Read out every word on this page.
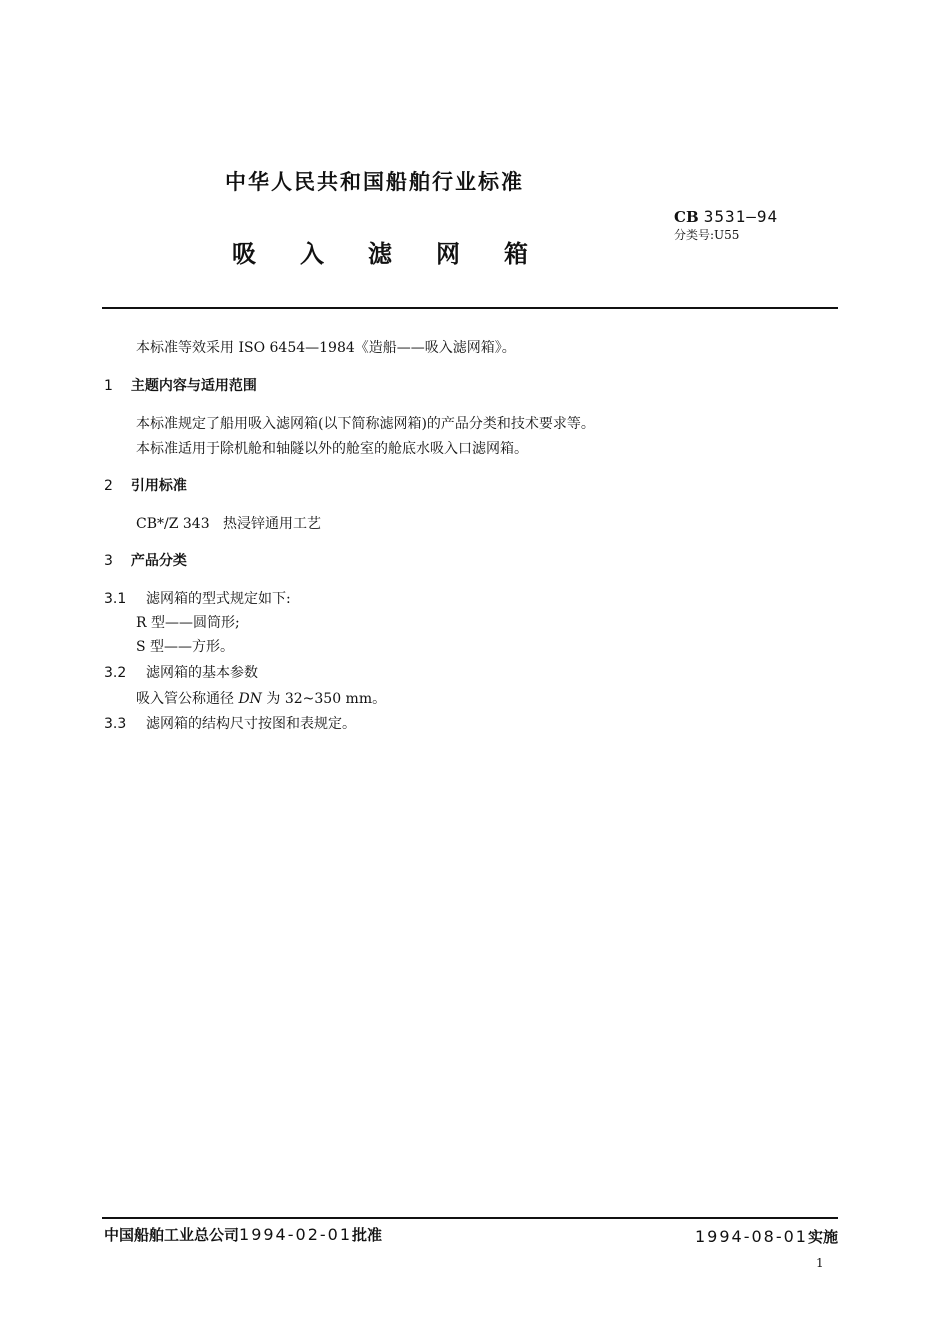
中华人民共和国船舶行业标准
吸入滤网箱
CB 3531—94
分类号:U55
本标准等效采用 ISO 6454—1984《造船——吸入滤网箱》。
1 主题内容与适用范围
本标准规定了船用吸入滤网箱(以下简称滤网箱)的产品分类和技术要求等。
本标准适用于除机舱和轴隧以外的舱室的舱底水吸入口滤网箱。
2 引用标准
CB*/Z 343   热浸锌通用工艺
3 产品分类
3.1 滤网箱的型式规定如下:
R 型——圆筒形;
S 型——方形。
3.2 滤网箱的基本参数
吸入管公称通径 DN 为 32~350 mm。
3.3 滤网箱的结构尺寸按图和表规定。
中国船舶工业总公司1994-02-01批准	1994-08-01实施
1
